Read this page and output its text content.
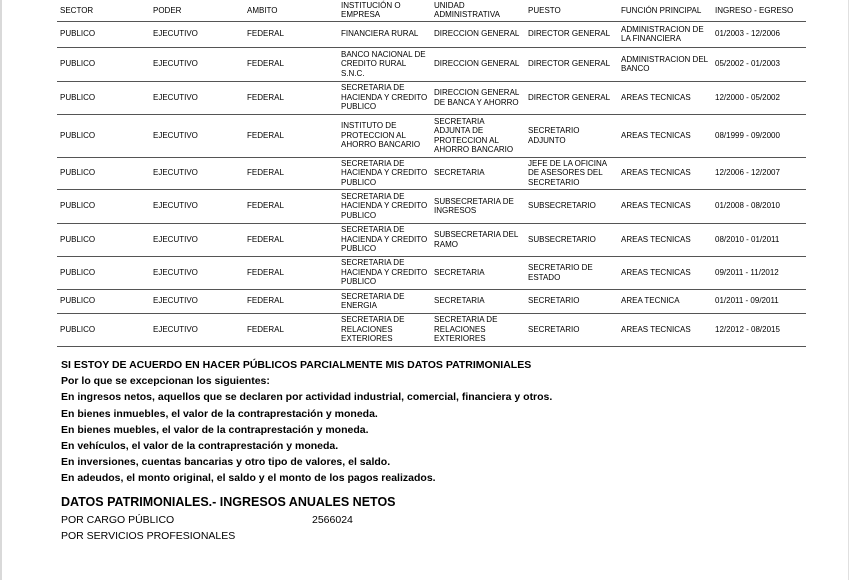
SECTOR	PODER	AMBITO	INSTITUCIÓN O EMPRESA	UNIDAD ADMINISTRATIVA	PUESTO	FUNCIÓN PRINCIPAL	INGRESO - EGRESO
PUBLICO	EJECUTIVO	FEDERAL	FINANCIERA RURAL	DIRECCION GENERAL	DIRECTOR GENERAL	ADMINISTRACION DE LA FINANCIERA	01/2003 - 12/2006
PUBLICO	EJECUTIVO	FEDERAL	BANCO NACIONAL DE CREDITO RURAL S.N.C.	DIRECCION GENERAL	DIRECTOR GENERAL	ADMINISTRACION DEL BANCO	05/2002 - 01/2003
PUBLICO	EJECUTIVO	FEDERAL	SECRETARIA DE HACIENDA Y CREDITO PUBLICO	DIRECCION GENERAL DE BANCA Y AHORRO	DIRECTOR GENERAL	AREAS TECNICAS	12/2000 - 05/2002
PUBLICO	EJECUTIVO	FEDERAL	INSTITUTO DE PROTECCION AL AHORRO BANCARIO	SECRETARIA ADJUNTA DE PROTECCION AL AHORRO BANCARIO	SECRETARIO ADJUNTO	AREAS TECNICAS	08/1999 - 09/2000
PUBLICO	EJECUTIVO	FEDERAL	SECRETARIA DE HACIENDA Y CREDITO PUBLICO	SECRETARIA	JEFE DE LA OFICINA DE ASESORES DEL SECRETARIO	AREAS TECNICAS	12/2006 - 12/2007
PUBLICO	EJECUTIVO	FEDERAL	SECRETARIA DE HACIENDA Y CREDITO PUBLICO	SUBSECRETARIA DE INGRESOS	SUBSECRETARIO	AREAS TECNICAS	01/2008 - 08/2010
PUBLICO	EJECUTIVO	FEDERAL	SECRETARIA DE HACIENDA Y CREDITO PUBLICO	SUBSECRETARIA DEL RAMO	SUBSECRETARIO	AREAS TECNICAS	08/2010 - 01/2011
PUBLICO	EJECUTIVO	FEDERAL	SECRETARIA DE HACIENDA Y CREDITO PUBLICO	SECRETARIA	SECRETARIO DE ESTADO	AREAS TECNICAS	09/2011 - 11/2012
PUBLICO	EJECUTIVO	FEDERAL	SECRETARIA DE ENERGIA	SECRETARIA	SECRETARIO	AREA TECNICA	01/2011 - 09/2011
PUBLICO	EJECUTIVO	FEDERAL	SECRETARIA DE RELACIONES EXTERIORES	SECRETARIA DE RELACIONES EXTERIORES	SECRETARIO	AREAS TECNICAS	12/2012 - 08/2015
SI ESTOY DE ACUERDO EN HACER PÚBLICOS PARCIALMENTE MIS DATOS PATRIMONIALES
Por lo que se excepcionan los siguientes:
En ingresos netos, aquellos que se declaren por actividad industrial, comercial, financiera y otros.
En bienes inmuebles, el valor de la contraprestación y moneda.
En bienes muebles, el valor de la contraprestación y moneda.
En vehículos, el valor de la contraprestación y moneda.
En inversiones, cuentas bancarias y otro tipo de valores, el saldo.
En adeudos, el monto original, el saldo y el monto de los pagos realizados.
DATOS PATRIMONIALES.- INGRESOS ANUALES NETOS
POR CARGO PÚBLICO	2566024
POR SERVICIOS PROFESIONALES
